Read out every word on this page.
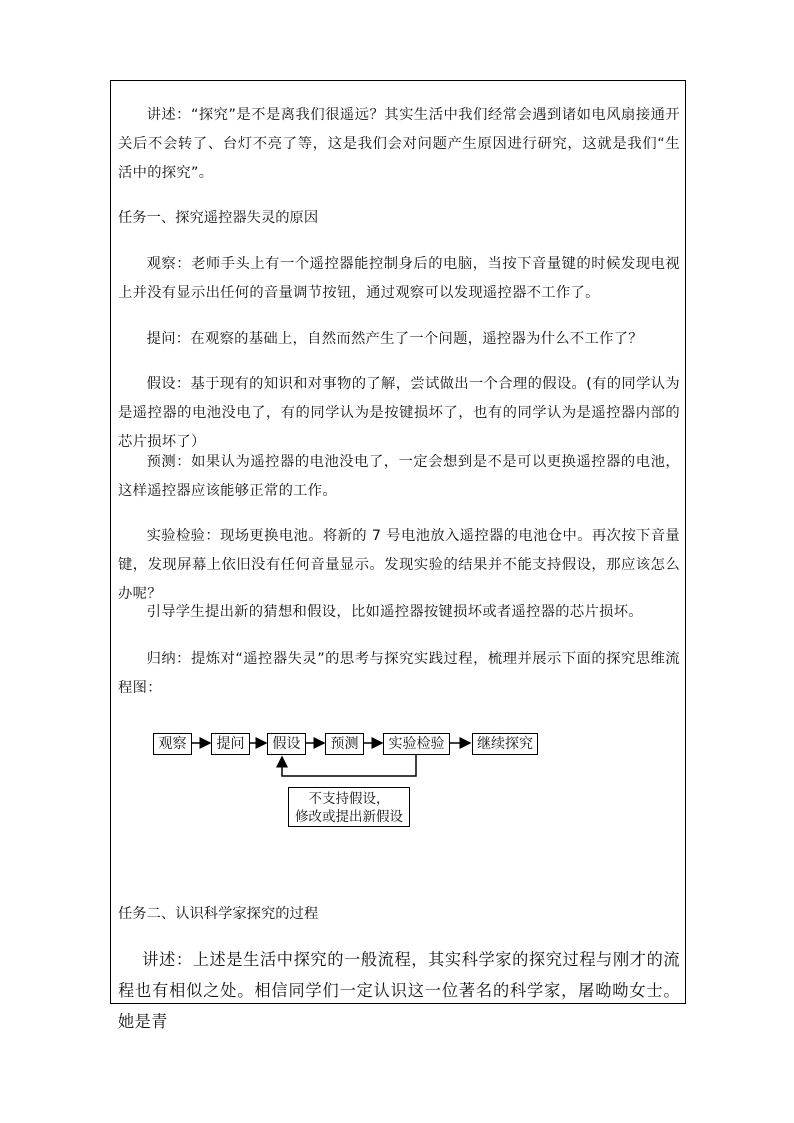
讲述：“探究”是不是离我们很遥远？其实生活中我们经常会遇到诸如电风扇接通开关后不会转了、台灯不亮了等，这是我们会对问题产生原因进行研究，这就是我们“生活中的探究”。

任务一、探究遥控器失灵的原因

观察：老师手头上有一个遥控器能控制身后的电脑，当按下音量键的时候发现电视上并没有显示出任何的音量调节按钮，通过观察可以发现遥控器不工作了。

提问：在观察的基础上，自然而然产生了一个问题，遥控器为什么不工作了？

假设：基于现有的知识和对事物的了解，尝试做出一个合理的假设。(有的同学认为是遥控器的电池没电了，有的同学认为是按键损坏了，也有的同学认为是遥控器内部的芯片损坏了）

预测：如果认为遥控器的电池没电了，一定会想到是不是可以更换遥控器的电池，这样遥控器应该能够正常的工作。

实验检验：现场更换电池。将新的 7 号电池放入遥控器的电池仓中。再次按下音量键，发现屏幕上依旧没有任何音量显示。发现实验的结果并不能支持假设，那应该怎么办呢？

引导学生提出新的猜想和假设，比如遥控器按键损坏或者遥控器的芯片损坏。

归纳：提炼对“遥控器失灵”的思考与探究实践过程，梳理并展示下面的探究思维流程图：

观察	提问	假设	预测	实验检验	继续探究
不支持假设，
修改或提出新假设

任务二、认识科学家探究的过程

讲述：上述是生活中探究的一般流程，其实科学家的探究过程与刚才的流程也有相似之处。相信同学们一定认识这一位著名的科学家，屠呦呦女士。她是青
